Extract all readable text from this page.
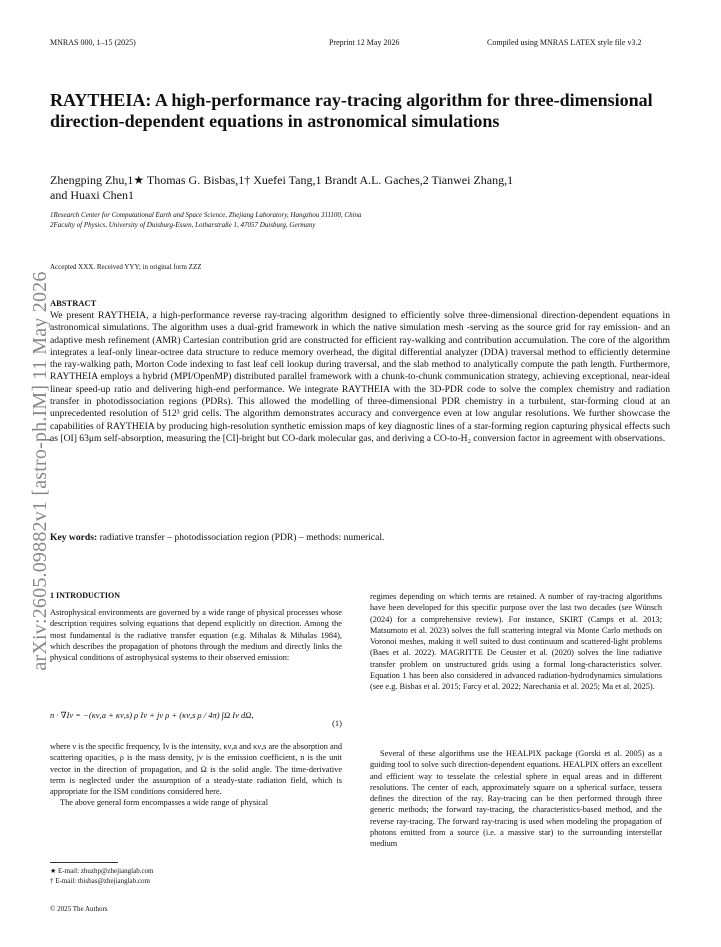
MNRAS 000, 1–15 (2025)	Preprint 12 May 2026	Compiled using MNRAS LATEX style file v3.2
arXiv:2605.09882v1 [astro-ph.IM] 11 May 2026
RAYTHEIA: A high-performance ray-tracing algorithm for three-dimensional direction-dependent equations in astronomical simulations
Zhengping Zhu,1★ Thomas G. Bisbas,1† Xuefei Tang,1 Brandt A.L. Gaches,2 Tianwei Zhang,1
and Huaxi Chen1
1Research Center for Computational Earth and Space Science, Zhejiang Laboratory, Hangzhou 311100, China
2Faculty of Physics, University of Duisburg-Essen, Lotharstraße 1, 47057 Duisburg, Germany
Accepted XXX. Received YYY; in original form ZZZ
ABSTRACT
We present RAYTHEIA, a high-performance reverse ray-tracing algorithm designed to efficiently solve three-dimensional direction-dependent equations in astronomical simulations. The algorithm uses a dual-grid framework in which the native simulation mesh -serving as the source grid for ray emission- and an adaptive mesh refinement (AMR) Cartesian contribution grid are constructed for efficient ray-walking and contribution accumulation. The core of the algorithm integrates a leaf-only linear-octree data structure to reduce memory overhead, the digital differential analyzer (DDA) traversal method to efficiently determine the ray-walking path, Morton Code indexing to fast leaf cell lookup during traversal, and the slab method to analytically compute the path length. Furthermore, RAYTHEIA employs a hybrid (MPI/OpenMP) distributed parallel framework with a chunk-to-chunk communication strategy, achieving exceptional, near-ideal linear speed-up ratio and delivering high-end performance. We integrate RAYTHEIA with the 3D-PDR code to solve the complex chemistry and radiation transfer in photodissociation regions (PDRs). This allowed the modelling of three-dimensional PDR chemistry in a turbulent, star-forming cloud at an unprecedented resolution of 512³ grid cells. The algorithm demonstrates accuracy and convergence even at low angular resolutions. We further showcase the capabilities of RAYTHEIA by producing high-resolution synthetic emission maps of key diagnostic lines of a star-forming region capturing physical effects such as [OI] 63μm self-absorption, measuring the [CI]-bright but CO-dark molecular gas, and deriving a CO-to-H₂ conversion factor in agreement with observations.
Key words: radiative transfer – photodissociation region (PDR) – methods: numerical.
1 INTRODUCTION
Astrophysical environments are governed by a wide range of physical processes whose description requires solving equations that depend explicitly on direction. Among the most fundamental is the radiative transfer equation (e.g. Mihalas & Mihalas 1984), which describes the propagation of photons through the medium and directly links the physical conditions of astrophysical systems to their observed emission:
n · ∇Iν = −(κν,a + κν,s) ρ Iν + jν ρ + (κν,s ρ / 4π) ∫Ω Iν dΩ,
(1)
where ν is the specific frequency, Iν is the intensity, κν,a and κν,s are the absorption and scattering opacities, ρ is the mass density, jν is the emission coefficient, n is the unit vector in the direction of propagation, and Ω is the solid angle. The time-derivative term is neglected under the assumption of a steady-state radiation field, which is appropriate for the ISM conditions considered here.
The above general form encompasses a wide range of physical
regimes depending on which terms are retained. A number of ray-tracing algorithms have been developed for this specific purpose over the last two decades (see Wünsch (2024) for a comprehensive review). For instance, SKIRT (Camps et al. 2013; Matsumoto et al. 2023) solves the full scattering integral via Monte Carlo methods on Voronoi meshes, making it well suited to dust continuum and scattered-light problems (Baes et al. 2022). MAGRITTE De Ceuster et al. (2020) solves the line radiative transfer problem on unstructured grids using a formal long-characteristics solver. Equation 1 has been also considered in advanced radiation-hydrodynamics simulations (see e.g. Bisbas et al. 2015; Farcy et al. 2022; Narechania et al. 2025; Ma et al. 2025).
Several of these algorithms use the HEALPIX package (Gorski et al. 2005) as a guiding tool to solve such direction-dependent equations. HEALPIX offers an excellent and efficient way to tesselate the celestial sphere in equal areas and in different resolutions. The center of each, approximately square on a spherical surface, tessera defines the direction of the ray. Ray-tracing can be then performed through three generic methods; the forward ray-tracing, the characteristics-based method, and the reverse ray-tracing. The forward ray-tracing is used when modeling the propagation of photons emitted from a source (i.e. a massive star) to the surrounding interstellar medium
★ E-mail: zhuzhp@zhejianglab.com
† E-mail: tbisbas@zhejianglab.com
© 2025 The Authors
